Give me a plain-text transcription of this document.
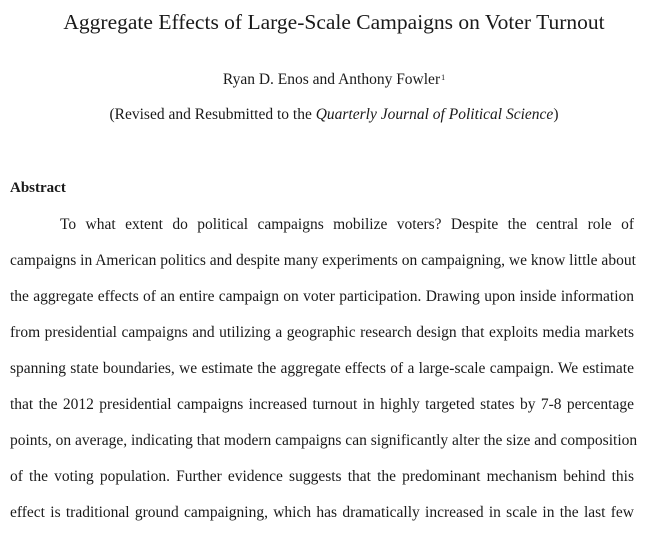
Aggregate Effects of Large-Scale Campaigns on Voter Turnout
Ryan D. Enos and Anthony Fowler$^1$
(Revised and Resubmitted to the Quarterly Journal of Political Science)
Abstract
To what extent do political campaigns mobilize voters? Despite the central role of
campaigns in American politics and despite many experiments on campaigning, we know little about
the aggregate effects of an entire campaign on voter participation. Drawing upon inside information
from presidential campaigns and utilizing a geographic research design that exploits media markets
spanning state boundaries, we estimate the aggregate effects of a large-scale campaign. We estimate
that the 2012 presidential campaigns increased turnout in highly targeted states by 7-8 percentage
points, on average, indicating that modern campaigns can significantly alter the size and composition
of the voting population. Further evidence suggests that the predominant mechanism behind this
effect is traditional ground campaigning, which has dramatically increased in scale in the last few
